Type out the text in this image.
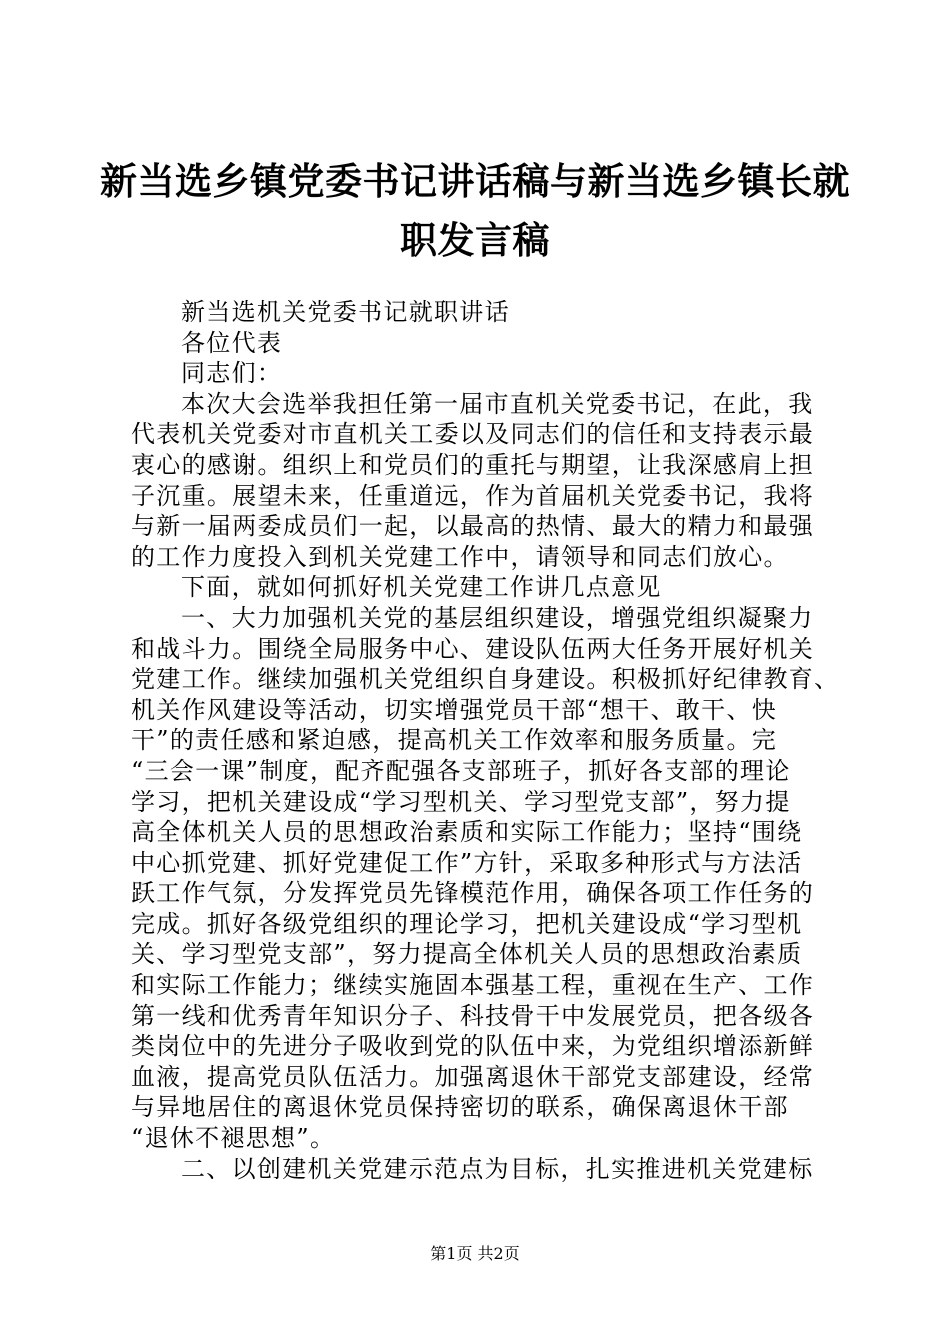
新当选乡镇党委书记讲话稿与新当选乡镇长就
职发言稿
新当选机关党委书记就职讲话
各位代表
同志们：
本次大会选举我担任第一届市直机关党委书记，在此，我
代表机关党委对市直机关工委以及同志们的信任和支持表示最
衷心的感谢。组织上和党员们的重托与期望，让我深感肩上担
子沉重。展望未来，任重道远，作为首届机关党委书记，我将
与新一届两委成员们一起，以最高的热情、最大的精力和最强
的工作力度投入到机关党建工作中，请领导和同志们放心。
下面，就如何抓好机关党建工作讲几点意见
一、大力加强机关党的基层组织建设，增强党组织凝聚力
和战斗力。围绕全局服务中心、建设队伍两大任务开展好机关
党建工作。继续加强机关党组织自身建设。积极抓好纪律教育、
机关作风建设等活动，切实增强党员干部“想干、敢干、快
干”的责任感和紧迫感，提高机关工作效率和服务质量。完
“三会一课”制度，配齐配强各支部班子，抓好各支部的理论
学习，把机关建设成“学习型机关、学习型党支部”，努力提
高全体机关人员的思想政治素质和实际工作能力；坚持“围绕
中心抓党建、抓好党建促工作”方针，采取多种形式与方法活
跃工作气氛，分发挥党员先锋模范作用，确保各项工作任务的
完成。抓好各级党组织的理论学习，把机关建设成“学习型机
关、学习型党支部”，努力提高全体机关人员的思想政治素质
和实际工作能力；继续实施固本强基工程，重视在生产、工作
第一线和优秀青年知识分子、科技骨干中发展党员，把各级各
类岗位中的先进分子吸收到党的队伍中来，为党组织增添新鲜
血液，提高党员队伍活力。加强离退休干部党支部建设，经常
与异地居住的离退休党员保持密切的联系，确保离退休干部
“退休不褪思想”。
二、以创建机关党建示范点为目标，扎实推进机关党建标
第1页 共2页
